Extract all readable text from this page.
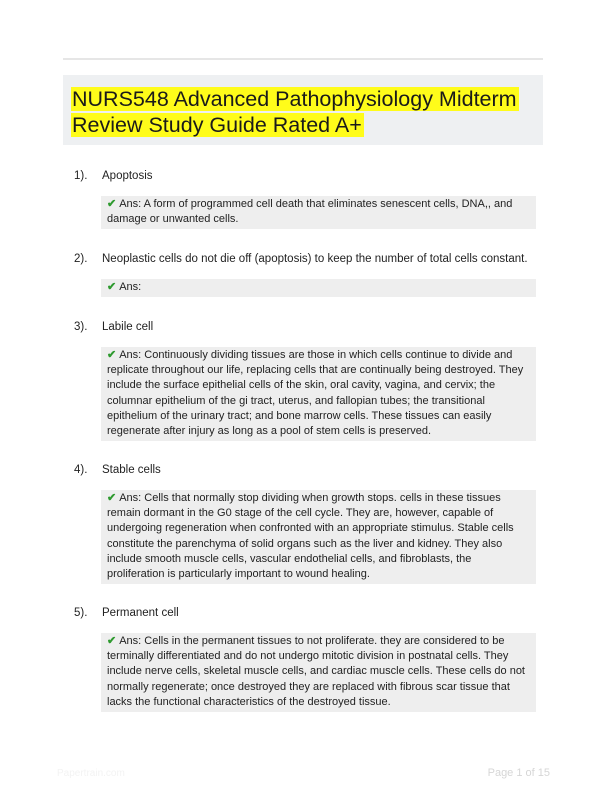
NURS548 Advanced Pathophysiology Midterm Review Study Guide Rated A+
1).	Apoptosis
✔ Ans: A form of programmed cell death that eliminates senescent cells, DNA,, and damage or unwanted cells.
2).	Neoplastic cells do not die off (apoptosis) to keep the number of total cells constant.
✔ Ans:
3).	Labile cell
✔ Ans: Continuously dividing tissues are those in which cells continue to divide and replicate throughout our life, replacing cells that are continually being destroyed. They include the surface epithelial cells of the skin, oral cavity, vagina, and cervix; the columnar epithelium of the gi tract, uterus, and fallopian tubes; the transitional epithelium of the urinary tract; and bone marrow cells. These tissues can easily regenerate after injury as long as a pool of stem cells is preserved.
4).	Stable cells
✔ Ans: Cells that normally stop dividing when growth stops. cells in these tissues remain dormant in the G0 stage of the cell cycle. They are, however, capable of undergoing regeneration when confronted with an appropriate stimulus. Stable cells constitute the parenchyma of solid organs such as the liver and kidney. They also include smooth muscle cells, vascular endothelial cells, and fibroblasts, the proliferation is particularly important to wound healing.
5).	Permanent cell
✔ Ans: Cells in the permanent tissues to not proliferate. they are considered to be terminally differentiated and do not undergo mitotic division in postnatal cells. They include nerve cells, skeletal muscle cells, and cardiac muscle cells. These cells do not normally regenerate; once destroyed they are replaced with fibrous scar tissue that lacks the functional characteristics of the destroyed tissue.
Papertrain.com	Page 1 of 15
